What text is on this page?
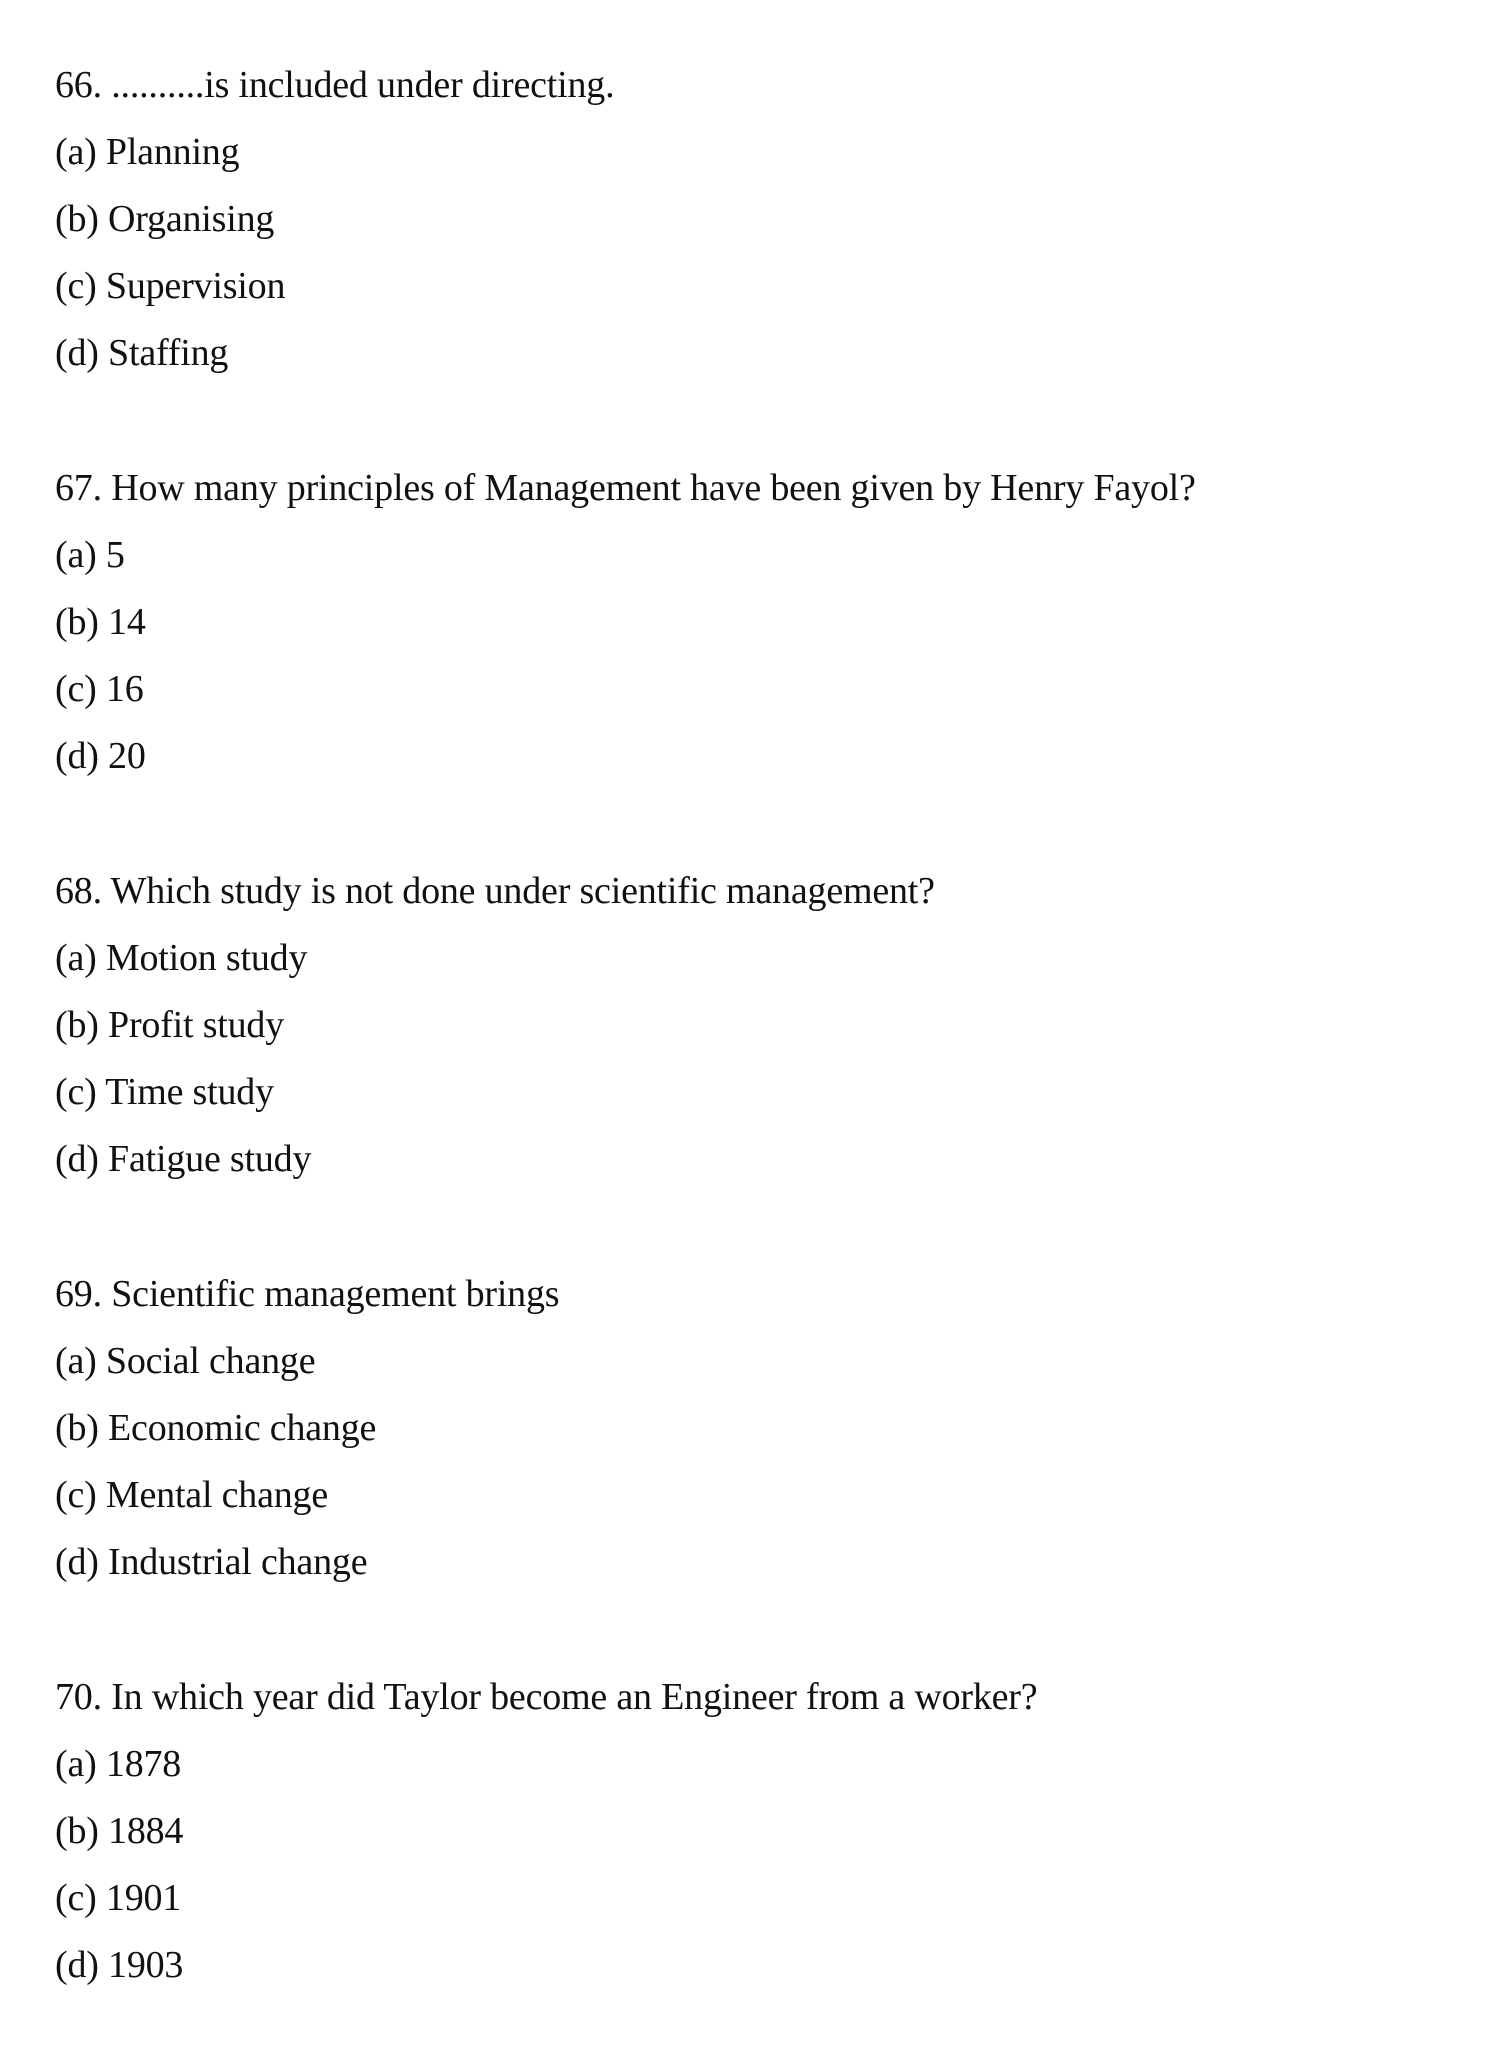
66. ..........is included under directing.
(a) Planning
(b) Organising
(c) Supervision
(d) Staffing
67. How many principles of Management have been given by Henry Fayol?
(a) 5
(b) 14
(c) 16
(d) 20
68. Which study is not done under scientific management?
(a) Motion study
(b) Profit study
(c) Time study
(d) Fatigue study
69. Scientific management brings
(a) Social change
(b) Economic change
(c) Mental change
(d) Industrial change
70. In which year did Taylor become an Engineer from a worker?
(a) 1878
(b) 1884
(c) 1901
(d) 1903
